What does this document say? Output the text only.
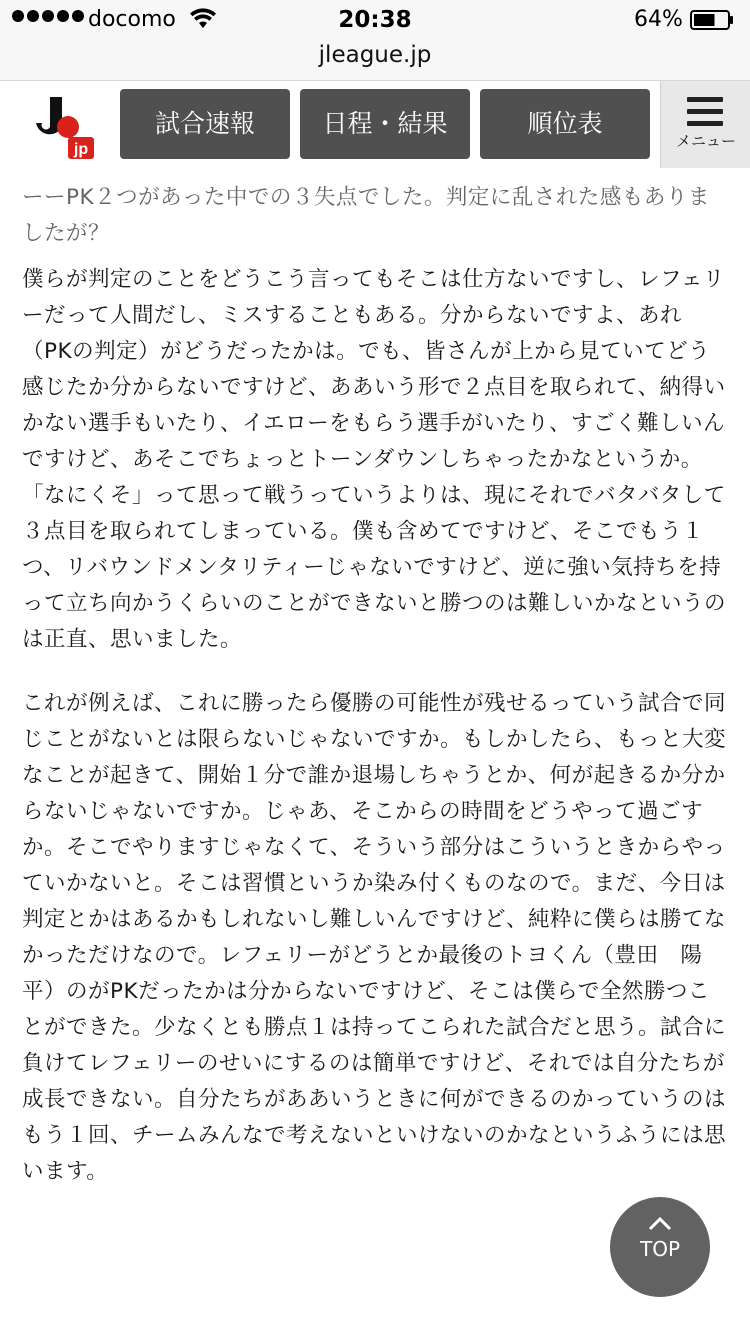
docomo	20:38	64%
jleague.jp
jp
試合速報	日程・結果	順位表
メニュー

ーーPK２つがあった中での３失点でした。判定に乱された感もありましたが？

僕らが判定のことをどうこう言ってもそこは仕方ないですし、レフェリーだって人間だし、ミスすることもある。分からないですよ、あれ（PKの判定）がどうだったかは。でも、皆さんが上から見ていてどう感じたか分からないですけど、ああいう形で２点目を取られて、納得いかない選手もいたり、イエローをもらう選手がいたり、すごく難しいんですけど、あそこでちょっとトーンダウンしちゃったかなというか。「なにくそ」って思って戦うっていうよりは、現にそれでバタバタして３点目を取られてしまっている。僕も含めてですけど、そこでもう１つ、リバウンドメンタリティーじゃないですけど、逆に強い気持ちを持って立ち向かうくらいのことができないと勝つのは難しいかなというのは正直、思いました。

これが例えば、これに勝ったら優勝の可能性が残せるっていう試合で同じことがないとは限らないじゃないですか。もしかしたら、もっと大変なことが起きて、開始１分で誰か退場しちゃうとか、何が起きるか分からないじゃないですか。じゃあ、そこからの時間をどうやって過ごすか。そこでやりますじゃなくて、そういう部分はこういうときからやっていかないと。そこは習慣というか染み付くものなので。まだ、今日は判定とかはあるかもしれないし難しいんですけど、純粋に僕らは勝てなかっただけなので。レフェリーがどうとか最後のトヨくん（豊田　陽平）のがPKだったかは分からないですけど、そこは僕らで全然勝つことができた。少なくとも勝点１は持ってこられた試合だと思う。試合に負けてレフェリーのせいにするのは簡単ですけど、それでは自分たちが成長できない。自分たちがああいうときに何ができるのかっていうのはもう１回、チームみんなで考えないといけないのかなというふうには思います。

TOP
